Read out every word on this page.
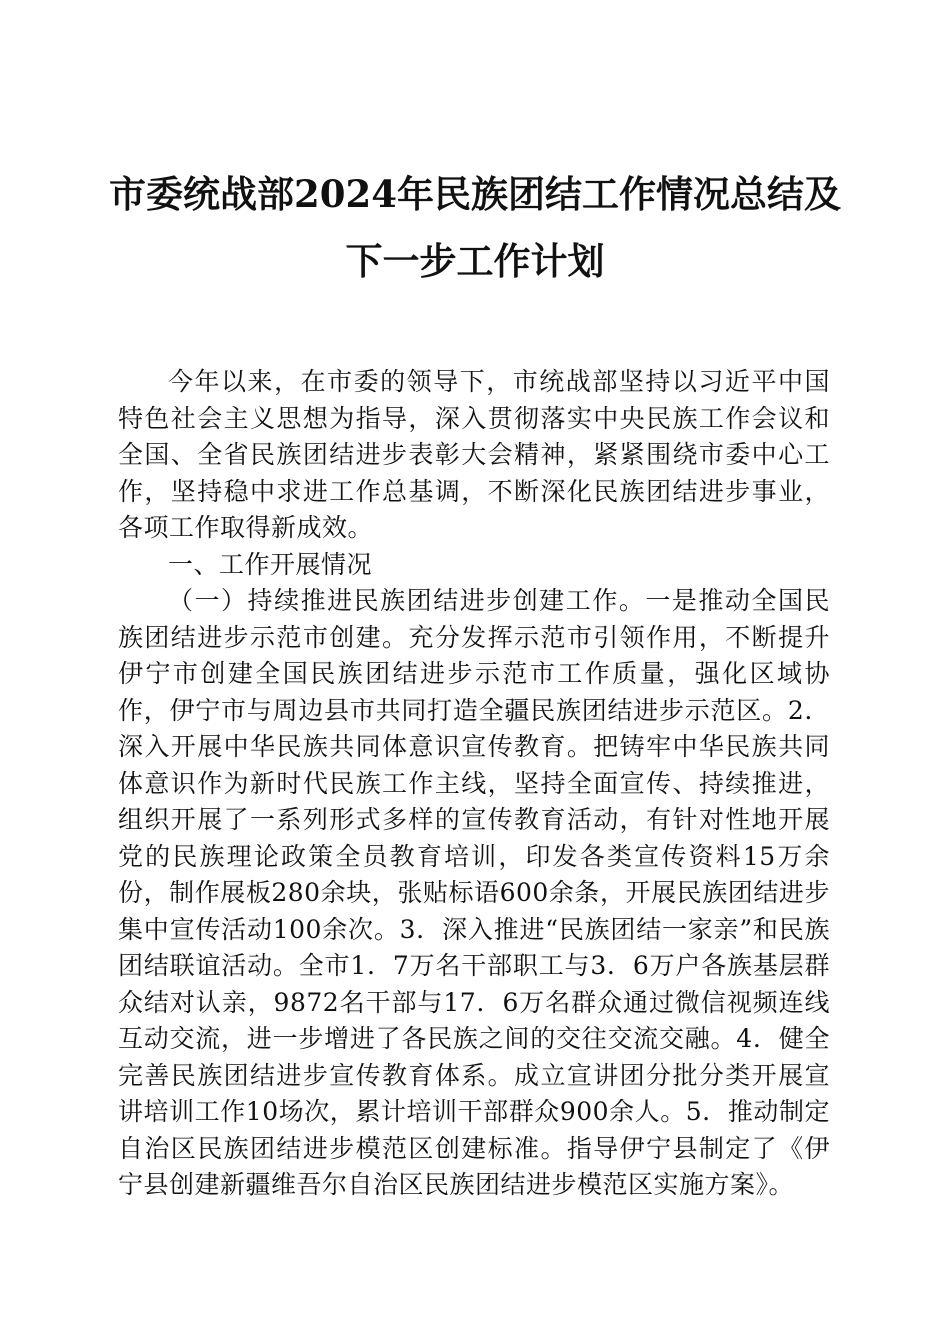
市委统战部2024年民族团结工作情况总结及
下一步工作计划

今年以来，在市委的领导下，市统战部坚持以习近平中国特色社会主义思想为指导，深入贯彻落实中央民族工作会议和全国、全省民族团结进步表彰大会精神，紧紧围绕市委中心工作，坚持稳中求进工作总基调，不断深化民族团结进步事业，各项工作取得新成效。

一、工作开展情况

（一）持续推进民族团结进步创建工作。一是推动全国民族团结进步示范市创建。充分发挥示范市引领作用，不断提升伊宁市创建全国民族团结进步示范市工作质量，强化区域协作，伊宁市与周边县市共同打造全疆民族团结进步示范区。2．深入开展中华民族共同体意识宣传教育。把铸牢中华民族共同体意识作为新时代民族工作主线，坚持全面宣传、持续推进，组织开展了一系列形式多样的宣传教育活动，有针对性地开展党的民族理论政策全员教育培训，印发各类宣传资料15万余份，制作展板280余块，张贴标语600余条，开展民族团结进步集中宣传活动100余次。3．深入推进“民族团结一家亲”和民族团结联谊活动。全市1．7万名干部职工与3．6万户各族基层群众结对认亲，9872名干部与17．6万名群众通过微信视频连线互动交流，进一步增进了各民族之间的交往交流交融。4．健全完善民族团结进步宣传教育体系。成立宣讲团分批分类开展宣讲培训工作10场次，累计培训干部群众900余人。5．推动制定自治区民族团结进步模范区创建标准。指导伊宁县制定了《伊宁县创建新疆维吾尔自治区民族团结进步模范区实施方案》。
